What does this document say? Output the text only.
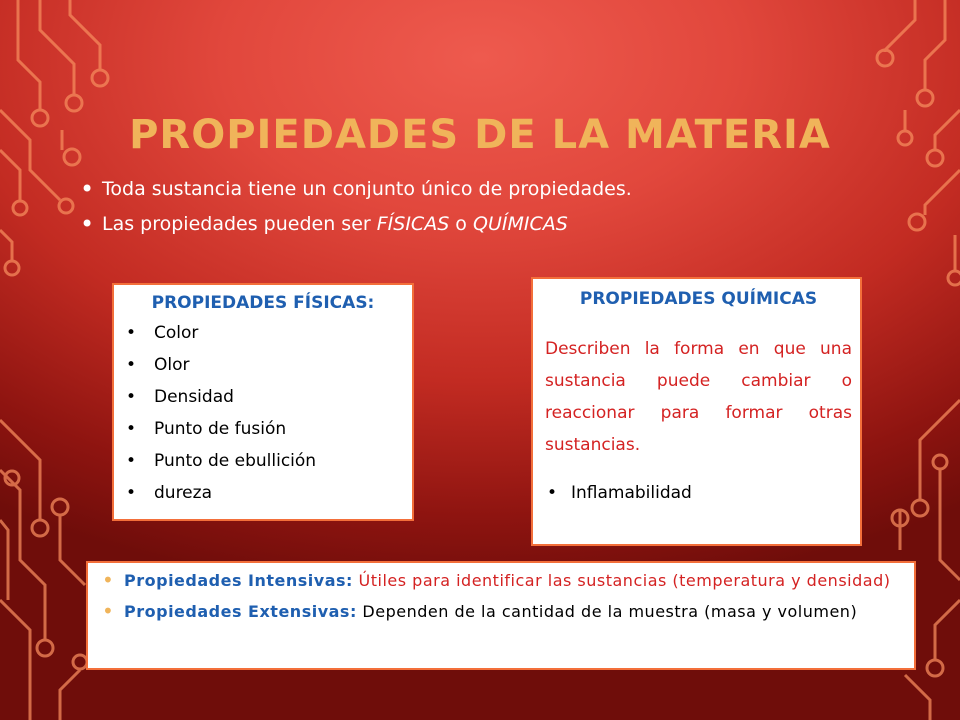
PROPIEDADES DE LA MATERIA
• Toda sustancia tiene un conjunto único de propiedades.
• Las propiedades pueden ser FÍSICAS o QUÍMICAS
PROPIEDADES FÍSICAS:
• Color
• Olor
• Densidad
• Punto de fusión
• Punto de ebullición
• dureza
PROPIEDADES QUÍMICAS

Describen la forma en que una sustancia puede cambiar o reaccionar para formar otras sustancias.

• Inflamabilidad
• Propiedades Intensivas: Útiles para identificar las sustancias (temperatura y densidad)
• Propiedades Extensivas: Dependen de la cantidad de la muestra (masa y volumen)
